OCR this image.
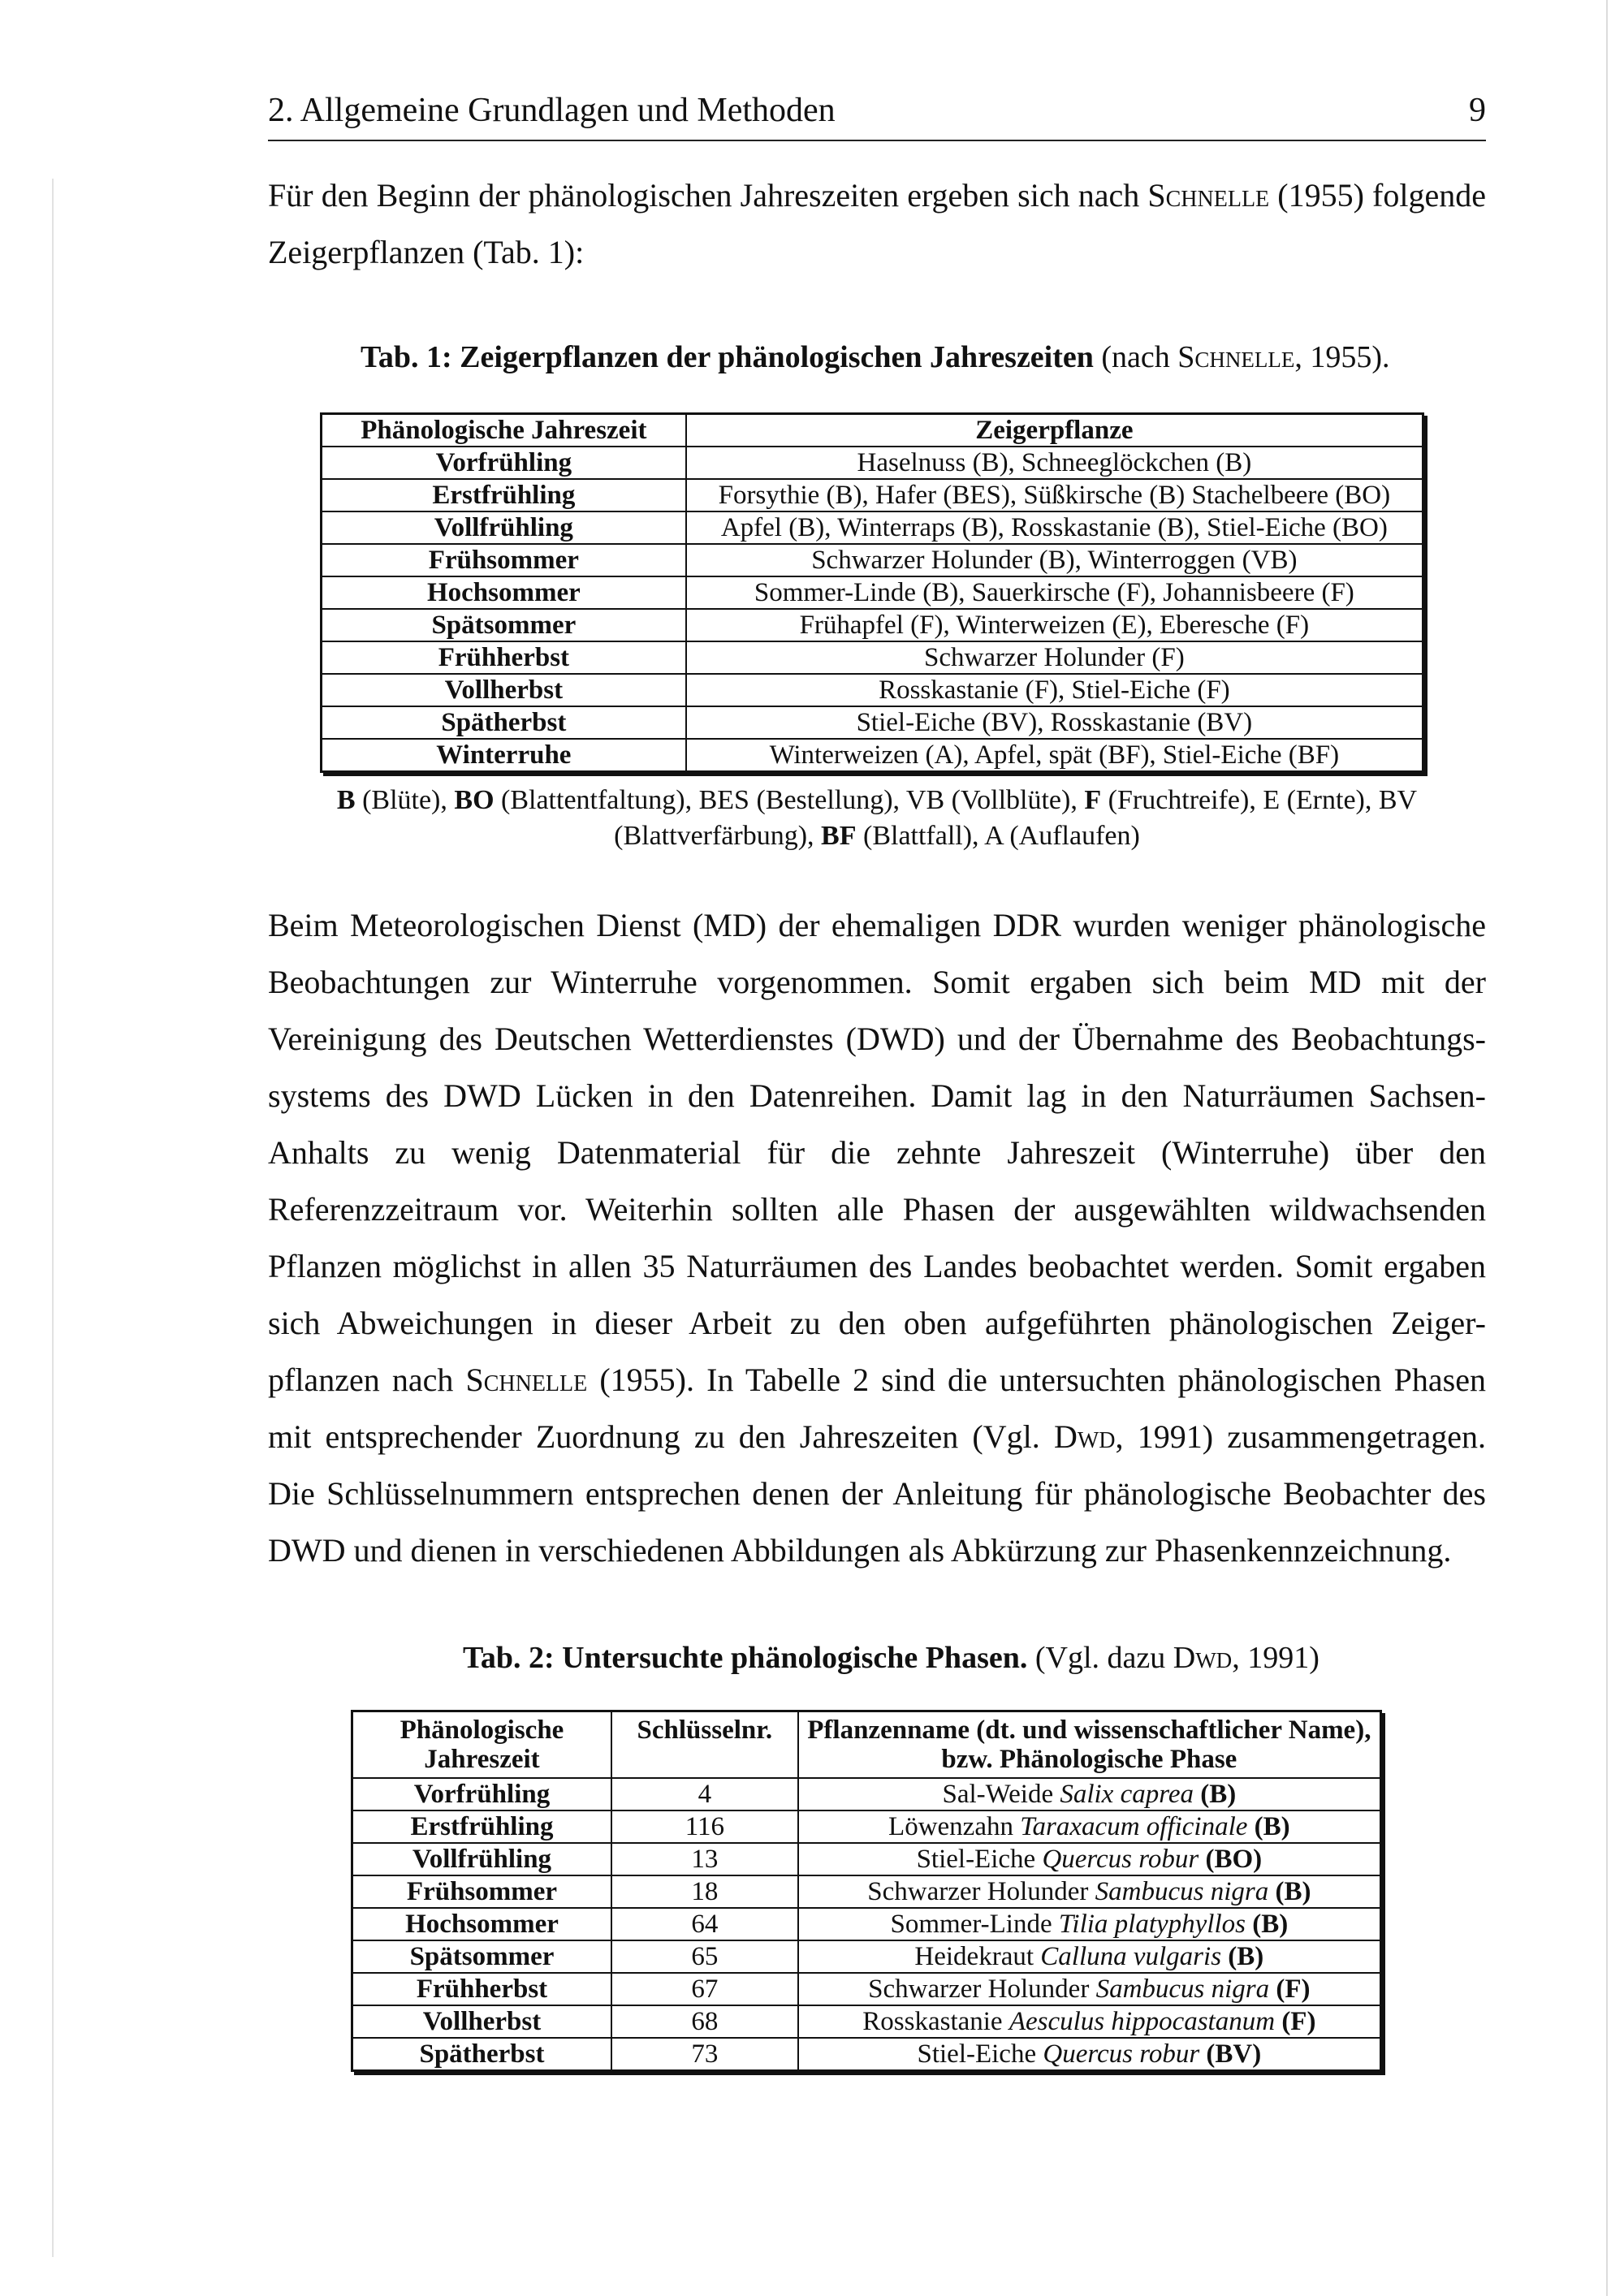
2. Allgemeine Grundlagen und Methoden	9

Für den Beginn der phänologischen Jahreszeiten ergeben sich nach Schnelle (1955) folgende Zeigerpflanzen (Tab. 1):

Tab. 1: Zeigerpflanzen der phänologischen Jahreszeiten (nach Schnelle, 1955).
Phänologische Jahreszeit	Zeigerpflanze
Vorfrühling	Haselnuss (B), Schneeglöckchen (B)
Erstfrühling	Forsythie (B), Hafer (BES), Süßkirsche (B) Stachelbeere (BO)
Vollfrühling	Apfel (B), Winterraps (B), Rosskastanie (B), Stiel-Eiche (BO)
Frühsommer	Schwarzer Holunder (B), Winterroggen (VB)
Hochsommer	Sommer-Linde (B), Sauerkirsche (F), Johannisbeere (F)
Spätsommer	Frühapfel (F), Winterweizen (E), Eberesche (F)
Frühherbst	Schwarzer Holunder (F)
Vollherbst	Rosskastanie (F), Stiel-Eiche (F)
Spätherbst	Stiel-Eiche (BV), Rosskastanie (BV)
Winterruhe	Winterweizen (A), Apfel, spät (BF), Stiel-Eiche (BF)

B (Blüte), BO (Blattentfaltung), BES (Bestellung), VB (Vollblüte), F (Fruchtreife), E (Ernte), BV (Blattverfärbung), BF (Blattfall), A (Auflaufen)

Beim Meteorologischen Dienst (MD) der ehemaligen DDR wurden weniger phänologische Beobachtungen zur Winterruhe vorgenommen. Somit ergaben sich beim MD mit der Vereinigung des Deutschen Wetterdienstes (DWD) und der Übernahme des Beobachtungs-systems des DWD Lücken in den Datenreihen. Damit lag in den Naturräumen Sachsen-Anhalts zu wenig Datenmaterial für die zehnte Jahreszeit (Winterruhe) über den Referenzzeitraum vor. Weiterhin sollten alle Phasen der ausgewählten wildwachsenden Pflanzen möglichst in allen 35 Naturräumen des Landes beobachtet werden. Somit ergaben sich Abweichungen in dieser Arbeit zu den oben aufgeführten phänologischen Zeiger-pflanzen nach Schnelle (1955). In Tabelle 2 sind die untersuchten phänologischen Phasen mit entsprechender Zuordnung zu den Jahreszeiten (Vgl. Dwd, 1991) zusammengetragen. Die Schlüsselnummern entsprechen denen der Anleitung für phänologische Beobachter des DWD und dienen in verschiedenen Abbildungen als Abkürzung zur Phasenkennzeichnung.

Tab. 2: Untersuchte phänologische Phasen. (Vgl. dazu Dwd, 1991)
Phänologische Jahreszeit	Schlüsselnr.	Pflanzenname (dt. und wissenschaftlicher Name), bzw. Phänologische Phase
Vorfrühling	4	Sal-Weide Salix caprea (B)
Erstfrühling	116	Löwenzahn Taraxacum officinale (B)
Vollfrühling	13	Stiel-Eiche Quercus robur (BO)
Frühsommer	18	Schwarzer Holunder Sambucus nigra (B)
Hochsommer	64	Sommer-Linde Tilia platyphyllos (B)
Spätsommer	65	Heidekraut Calluna vulgaris (B)
Frühherbst	67	Schwarzer Holunder Sambucus nigra (F)
Vollherbst	68	Rosskastanie Aesculus hippocastanum (F)
Spätherbst	73	Stiel-Eiche Quercus robur (BV)
